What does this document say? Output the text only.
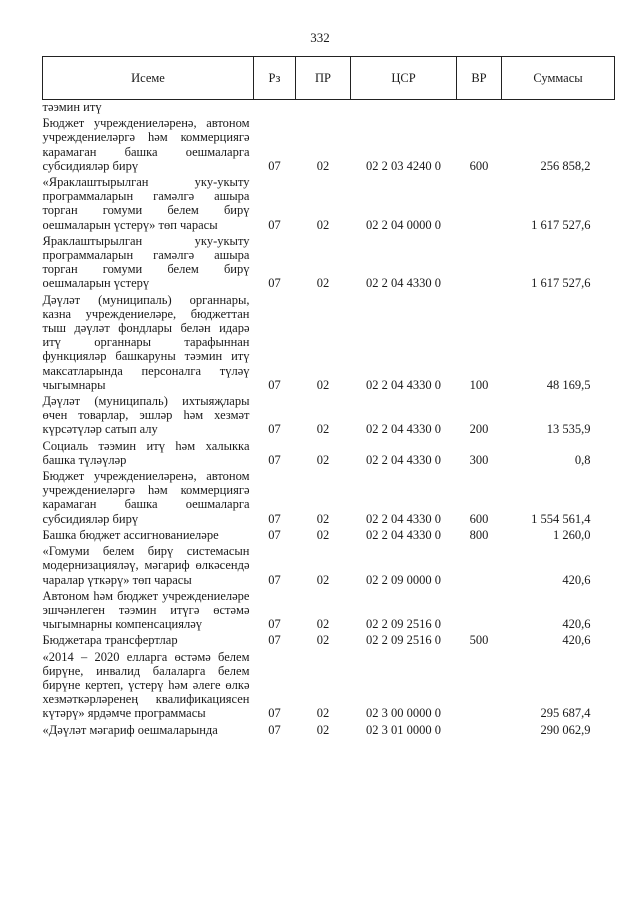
332
Исеме	Рз	ПР	ЦСР	ВР	Суммасы
тәэмин итү					
Бюджет учреждениеләренә, автоном учреждениеләргә һәм коммерциягә карамаган башка оешмаларга субсидияләр бирү	07	02	02 2 03 4240 0	600	256 858,2
«Яраклаштырылган уку-укыту программаларын гамәлгә ашыра торган гомуми белем бирү оешмаларын үстерү» төп чарасы	07	02	02 2 04 0000 0		1 617 527,6
Яраклаштырылган уку-укыту программаларын гамәлгә ашыра торган гомуми белем бирү оешмаларын үстерү	07	02	02 2 04 4330 0		1 617 527,6
Дәүләт (муниципаль) органнары, казна учреждениеләре, бюджеттан тыш дәүләт фондлары белән идарә итү органнары тарафыннан функцияләр башкаруны тәэмин итү максатларында персоналга түләү чыгымнары	07	02	02 2 04 4330 0	100	48 169,5
Дәүләт (муниципаль) ихтыяҗлары өчен товарлар, эшләр һәм хезмәт күрсәтүләр сатып алу	07	02	02 2 04 4330 0	200	13 535,9
Социаль тәэмин итү һәм халыкка башка түләүләр	07	02	02 2 04 4330 0	300	0,8
Бюджет учреждениеләренә, автоном учреждениеләргә һәм коммерциягә карамаган башка оешмаларга субсидияләр бирү	07	02	02 2 04 4330 0	600	1 554 561,4
Башка бюджет ассигнованиеләре	07	02	02 2 04 4330 0	800	1 260,0
«Гомуми белем бирү системасын модернизацияләү, мәгариф өлкәсендә чаралар үткәрү» төп чарасы	07	02	02 2 09 0000 0		420,6
Автоном һәм бюджет учреждениеләре эшчәнлеген тәэмин итүгә өстәмә чыгымнарны компенсацияләү	07	02	02 2 09 2516 0		420,6
Бюджетара трансфертлар	07	02	02 2 09 2516 0	500	420,6
«2014 – 2020 елларга өстәмә белем бирүне, инвалид балаларга белем бирүне кертеп, үстерү һәм әлеге өлкә хезмәткәрләренең квалификациясен күтәрү» ярдәмче программасы	07	02	02 3 00 0000 0		295 687,4
«Дәүләт мәгариф оешмаларында	07	02	02 3 01 0000 0		290 062,9
